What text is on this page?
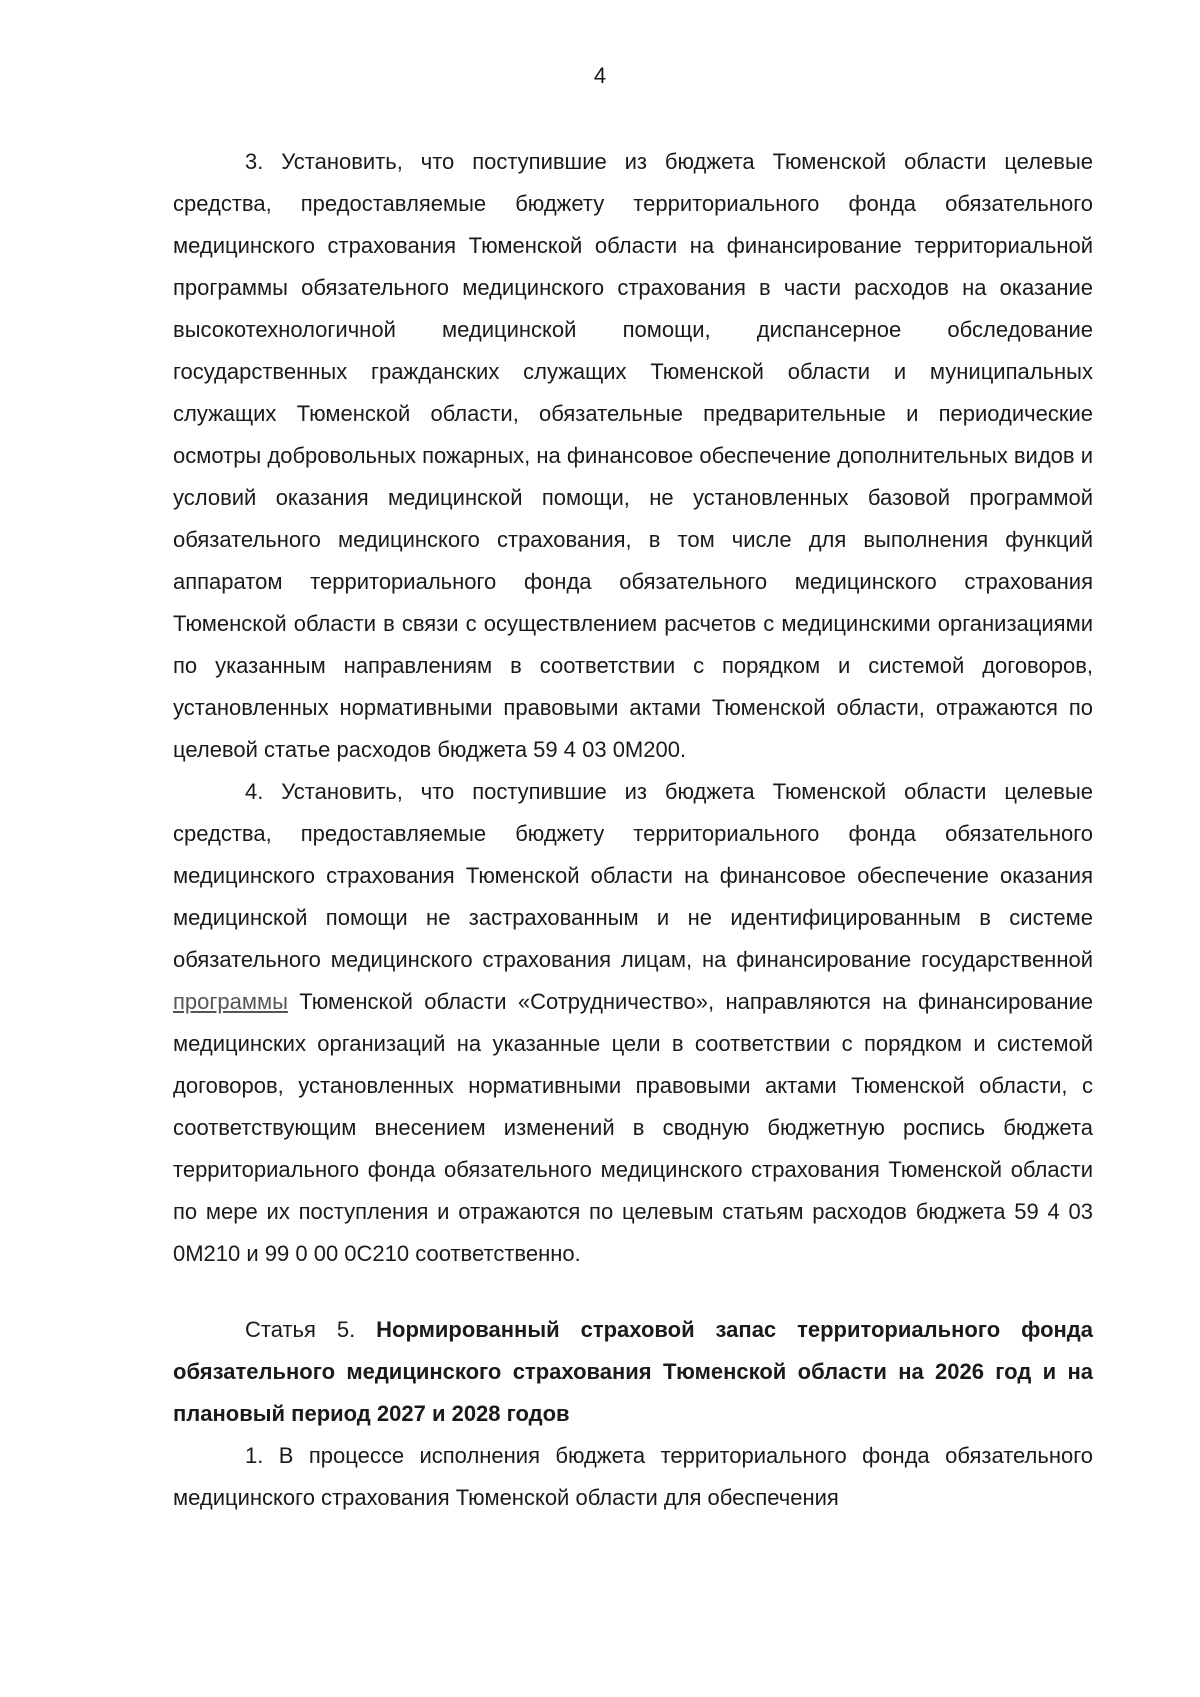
4

3. Установить, что поступившие из бюджета Тюменской области целевые средства, предоставляемые бюджету территориального фонда обязательного медицинского страхования Тюменской области на финансирование территориальной программы обязательного медицинского страхования в части расходов на оказание высокотехнологичной медицинской помощи, диспансерное обследование государственных гражданских служащих Тюменской области и муниципальных служащих Тюменской области, обязательные предварительные и периодические осмотры добровольных пожарных, на финансовое обеспечение дополнительных видов и условий оказания медицинской помощи, не установленных базовой программой обязательного медицинского страхования, в том числе для выполнения функций аппаратом территориального фонда обязательного медицинского страхования Тюменской области в связи с осуществлением расчетов с медицинскими организациями по указанным направлениям в соответствии с порядком и системой договоров, установленных нормативными правовыми актами Тюменской области, отражаются по целевой статье расходов бюджета 59 4 03 0М200.

4. Установить, что поступившие из бюджета Тюменской области целевые средства, предоставляемые бюджету территориального фонда обязательного медицинского страхования Тюменской области на финансовое обеспечение оказания медицинской помощи не застрахованным и не идентифицированным в системе обязательного медицинского страхования лицам, на финансирование государственной программы Тюменской области «Сотрудничество», направляются на финансирование медицинских организаций на указанные цели в соответствии с порядком и системой договоров, установленных нормативными правовыми актами Тюменской области, с соответствующим внесением изменений в сводную бюджетную роспись бюджета территориального фонда обязательного медицинского страхования Тюменской области по мере их поступления и отражаются по целевым статьям расходов бюджета 59 4 03 0М210 и 99 0 00 0С210 соответственно.

Статья 5. Нормированный страховой запас территориального фонда обязательного медицинского страхования Тюменской области на 2026 год и на плановый период 2027 и 2028 годов

1. В процессе исполнения бюджета территориального фонда обязательного медицинского страхования Тюменской области для обеспечения
